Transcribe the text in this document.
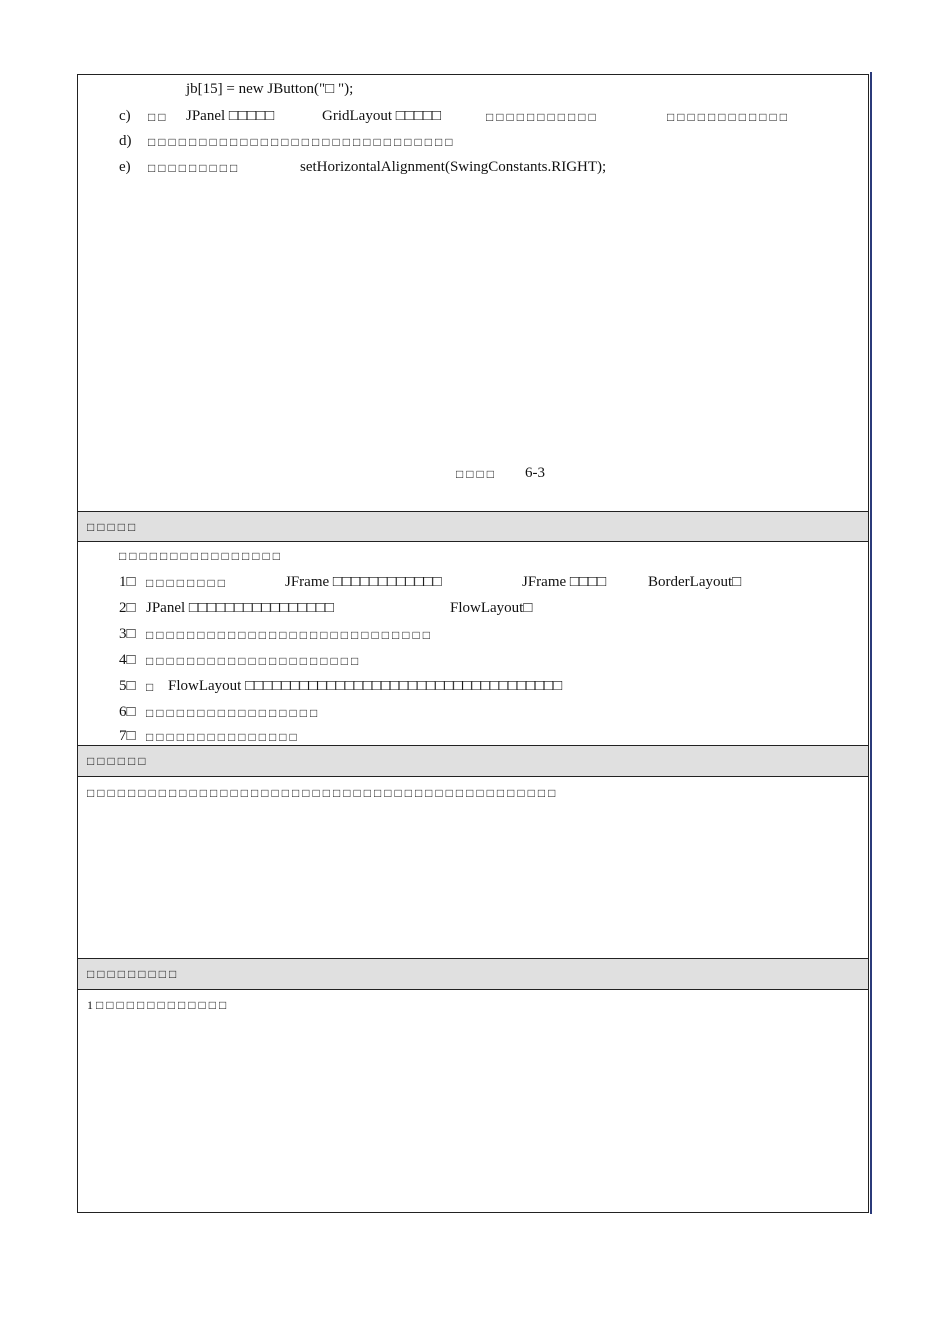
jb[15] = new JButton("□ ");
c) □□ JPanel □□□□□	GridLayout □□□□□	□□□□□□□□□□□	□□□□□□□□□□□□
d) □□□□□□□□□□□□□□□□□□□□□□□□□□□□□□
e) □□□□□□□□□	setHorizontalAlignment(SwingConstants.RIGHT);
□□□□ 6-3
□□□□□
□□□□□□□□□□□□□□□□
1□ □□□□□□□□	JFrame □□□□□□□□□□□□	JFrame □□□□	BorderLayout□
2□ JPanel □□□□□□□□□□□□□□□□	FlowLayout□
3□ □□□□□□□□□□□□□□□□□□□□□□□□□□□□
4□ □□□□□□□□□□□□□□□□□□□□□
5□ □ FlowLayout □□□□□□□□□□□□□□□□□□□□□□□□□□□□□□□□□□□
6□ □□□□□□□□□□□□□□□□□
7□ □□□□□□□□□□□□□□□
□□□□□□
□□□□□□□□□□□□□□□□□□□□□□□□□□□□□□□□□□□□□□□□□□□□□□
□□□□□□□□□
1□□□□□□□□□□□□□
